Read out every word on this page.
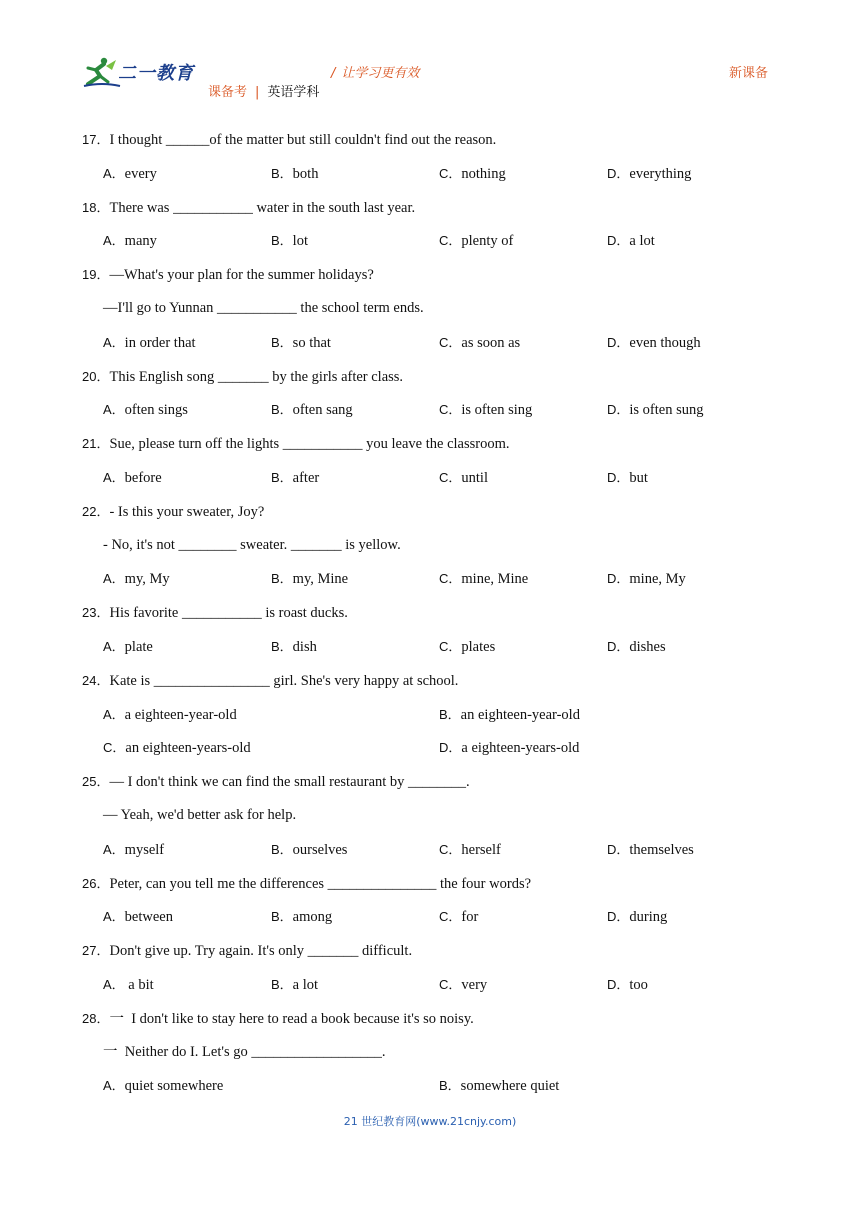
二一教育	/ 让学习更有效
课备考 | 英语学科
新课备
17．I thought ______of the matter but still couldn't find out the reason.
A．every	B．both	C．nothing	D．everything
18．There was ___________ water in the south last year.
A．many	B．lot	C．plenty of	D．a lot
19．—What's your plan for the summer holidays?
—I'll go to Yunnan ___________ the school term ends.
A．in order that	B．so that	C．as soon as	D．even though
20．This English song _______ by the girls after class.
A．often sings	B．often sang	C．is often sing	D．is often sung
21．Sue, please turn off the lights ___________ you leave the classroom.
A．before	B．after	C．until	D．but
22．- Is this your sweater, Joy?
- No, it's not ________ sweater. _______ is yellow.
A．my, My	B．my, Mine	C．mine, Mine	D．mine, My
23．His favorite ___________ is roast ducks.
A．plate	B．dish	C．plates	D．dishes
24．Kate is ________________ girl. She's very happy at school.
A．a eighteen-year-old	B．an eighteen-year-old
C．an eighteen-years-old	D．a eighteen-years-old
25．— I don't think we can find the small restaurant by ________.
— Yeah, we'd better ask for help.
A．myself	B．ourselves	C．herself	D．themselves
26．Peter, can you tell me the differences _______________ the four words?
A．between	B．among	C．for	D．during
27．Don't give up. Try again. It's only _______ difficult.
A． a bit	B．a lot	C．very	D．too
28．一  I don't like to stay here to read a book because it's so noisy.
一  Neither do I. Let's go __________________.
A．quiet somewhere	B．somewhere quiet
21 世纪教育网(www.21cnjy.com)
